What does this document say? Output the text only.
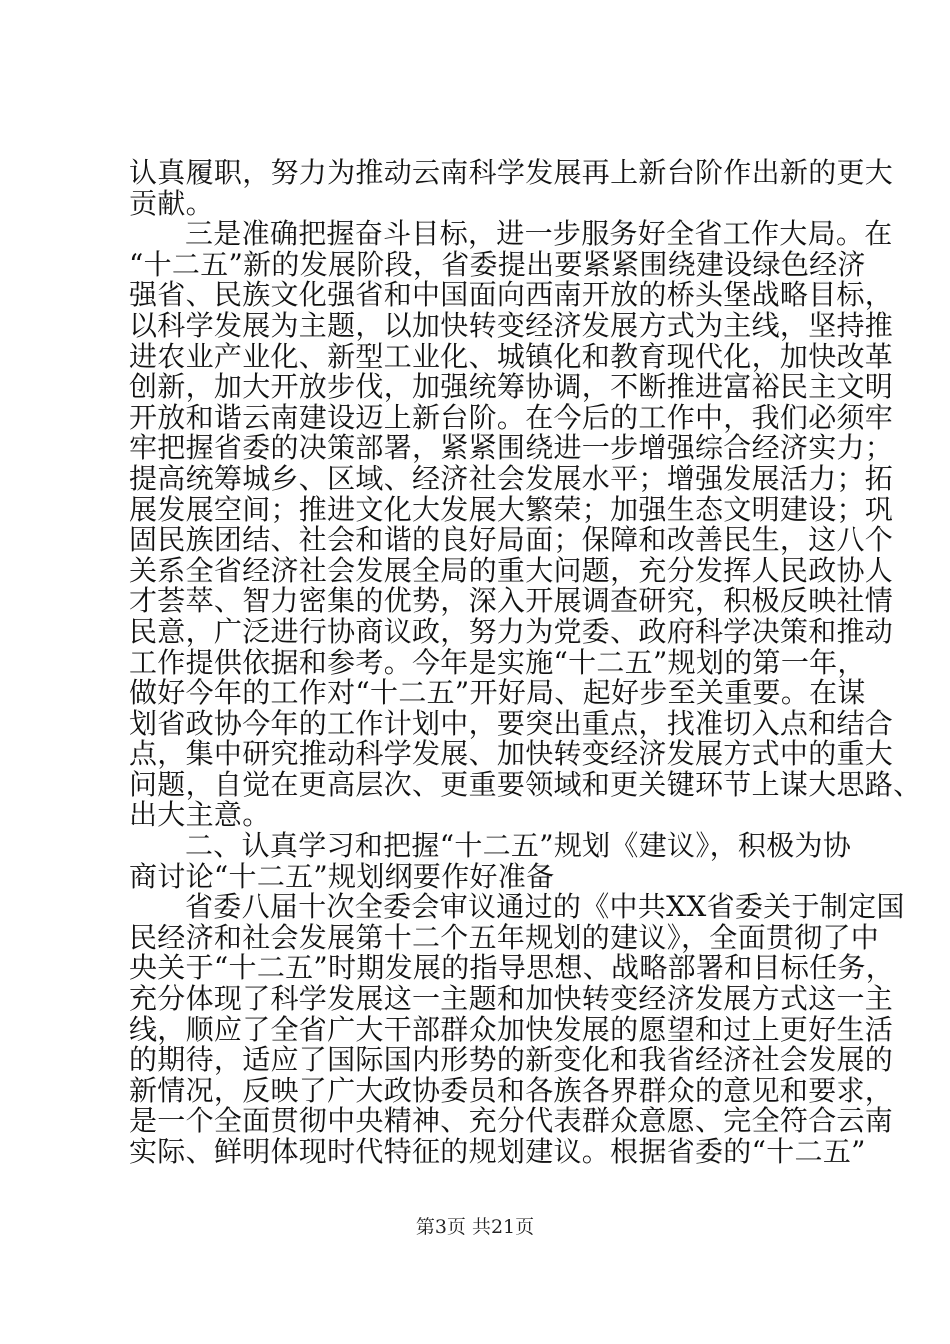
认真履职，努力为推动云南科学发展再上新台阶作出新的更大
贡献。
三是准确把握奋斗目标，进一步服务好全省工作大局。在
“十二五”新的发展阶段，省委提出要紧紧围绕建设绿色经济
强省、民族文化强省和中国面向西南开放的桥头堡战略目标，
以科学发展为主题，以加快转变经济发展方式为主线，坚持推
进农业产业化、新型工业化、城镇化和教育现代化，加快改革
创新，加大开放步伐，加强统筹协调，不断推进富裕民主文明
开放和谐云南建设迈上新台阶。在今后的工作中，我们必须牢
牢把握省委的决策部署，紧紧围绕进一步增强综合经济实力；
提高统筹城乡、区域、经济社会发展水平；增强发展活力；拓
展发展空间；推进文化大发展大繁荣；加强生态文明建设；巩
固民族团结、社会和谐的良好局面；保障和改善民生，这八个
关系全省经济社会发展全局的重大问题，充分发挥人民政协人
才荟萃、智力密集的优势，深入开展调查研究，积极反映社情
民意，广泛进行协商议政，努力为党委、政府科学决策和推动
工作提供依据和参考。今年是实施“十二五”规划的第一年，
做好今年的工作对“十二五”开好局、起好步至关重要。在谋
划省政协今年的工作计划中，要突出重点，找准切入点和结合
点，集中研究推动科学发展、加快转变经济发展方式中的重大
问题，自觉在更高层次、更重要领域和更关键环节上谋大思路、
出大主意。
二、认真学习和把握“十二五”规划《建议》，积极为协
商讨论“十二五”规划纲要作好准备
省委八届十次全委会审议通过的《中共XX省委关于制定国
民经济和社会发展第十二个五年规划的建议》，全面贯彻了中
央关于“十二五”时期发展的指导思想、战略部署和目标任务，
充分体现了科学发展这一主题和加快转变经济发展方式这一主
线，顺应了全省广大干部群众加快发展的愿望和过上更好生活
的期待，适应了国际国内形势的新变化和我省经济社会发展的
新情况，反映了广大政协委员和各族各界群众的意见和要求，
是一个全面贯彻中央精神、充分代表群众意愿、完全符合云南
实际、鲜明体现时代特征的规划建议。根据省委的“十二五”
第3页 共21页
